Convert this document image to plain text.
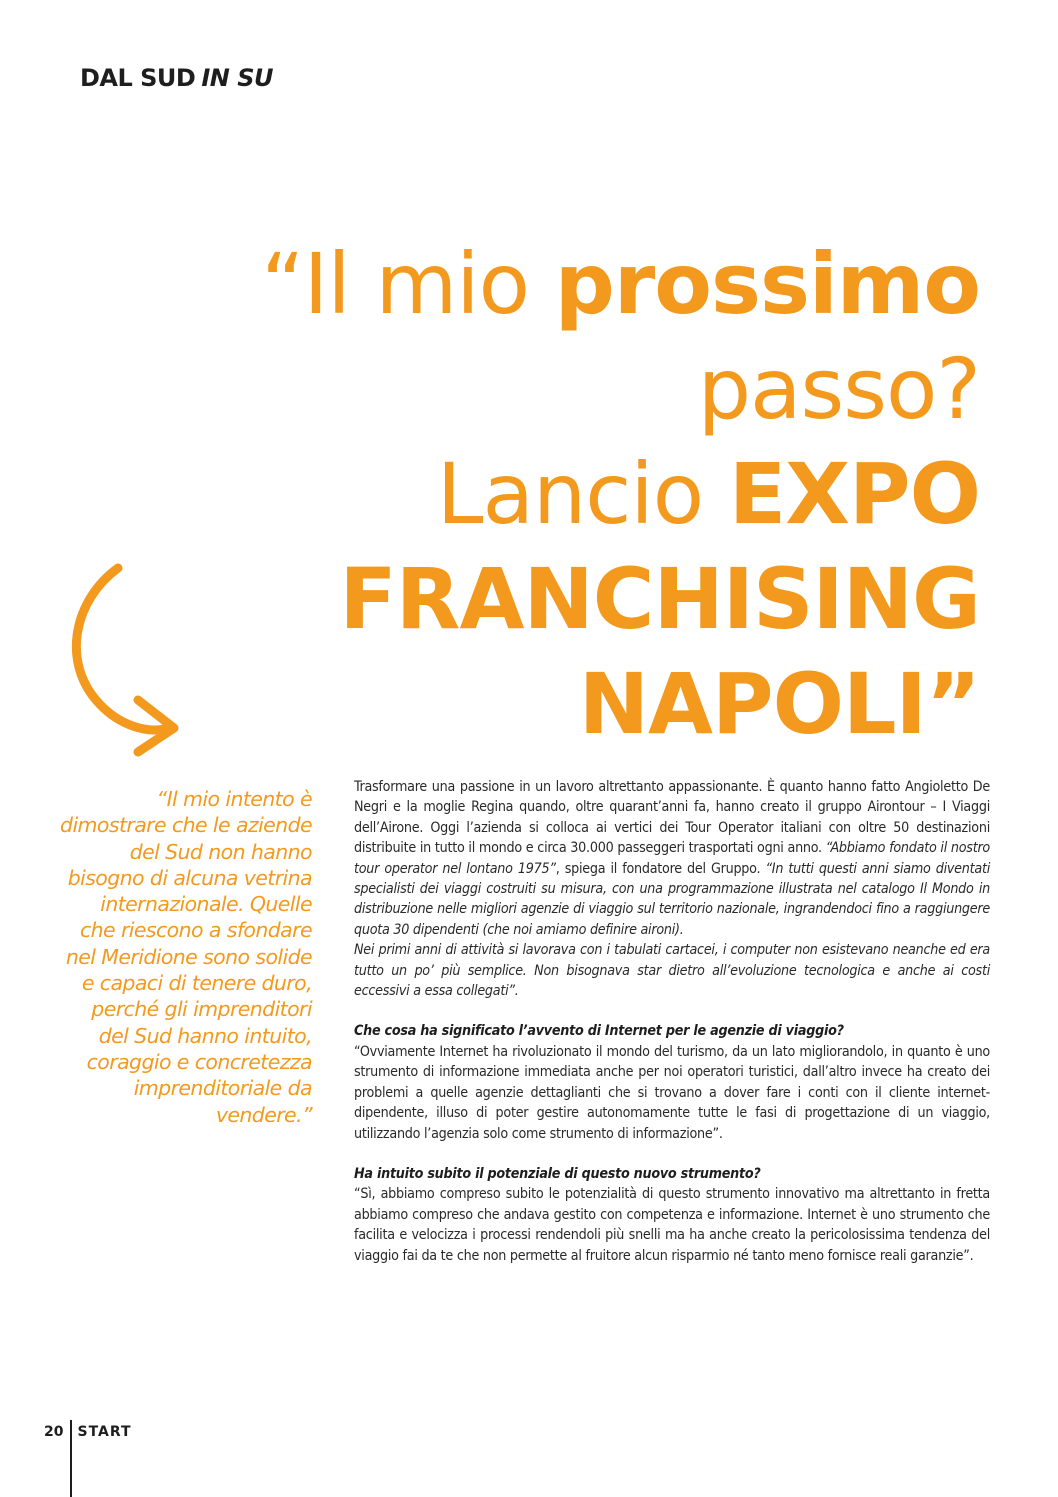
DAL SUD IN SU
“Il mio prossimo
passo?
Lancio EXPO
FRANCHISING
NAPOLI”
“Il mio intento è dimostrare che le aziende del Sud non hanno bisogno di alcuna vetrina internazionale. Quelle che riescono a sfondare nel Meridione sono solide e capaci di tenere duro, perché gli imprenditori del Sud hanno intuito, coraggio e concretezza imprenditoriale da vendere.”

Trasformare una passione in un lavoro altrettanto appassionante. È quanto hanno fatto Angioletto De Negri e la moglie Regina quando, oltre quarant’anni fa, hanno creato il gruppo Airontour – I Viaggi dell’Airone. Oggi l’azienda si colloca ai vertici dei Tour Operator italiani con oltre 50 destinazioni distribuite in tutto il mondo e circa 30.000 passeggeri trasportati ogni anno. “Abbiamo fondato il nostro tour operator nel lontano 1975”, spiega il fondatore del Gruppo. “In tutti questi anni siamo diventati specialisti dei viaggi costruiti su misura, con una programmazione illustrata nel catalogo Il Mondo in distribuzione nelle migliori agenzie di viaggio sul territorio nazionale, ingrandendoci fino a raggiungere quota 30 dipendenti (che noi amiamo definire aironi).

Nei primi anni di attività si lavorava con i tabulati cartacei, i computer non esistevano neanche ed era tutto un po’ più semplice. Non bisognava star dietro all’evoluzione tecnologica e anche ai costi eccessivi a essa collegati”.

Che cosa ha significato l’avvento di Internet per le agenzie di viaggio?

“Ovviamente Internet ha rivoluzionato il mondo del turismo, da un lato migliorandolo, in quanto è uno strumento di informazione immediata anche per noi operatori turistici, dall’altro invece ha creato dei problemi a quelle agenzie dettaglianti che si trovano a dover fare i conti con il cliente internet-dipendente, illuso di poter gestire autonomamente tutte le fasi di progettazione di un viaggio, utilizzando l’agenzia solo come strumento di informazione”.

Ha intuito subito il potenziale di questo nuovo strumento?

“Sì, abbiamo compreso subito le potenzialità di questo strumento innovativo ma altrettanto in fretta abbiamo compreso che andava gestito con competenza e informazione. Internet è uno strumento che facilita e velocizza i processi rendendoli più snelli ma ha anche creato la pericolosissima tendenza del viaggio fai da te che non permette al fruitore alcun risparmio né tanto meno fornisce reali garanzie”.

20 START
